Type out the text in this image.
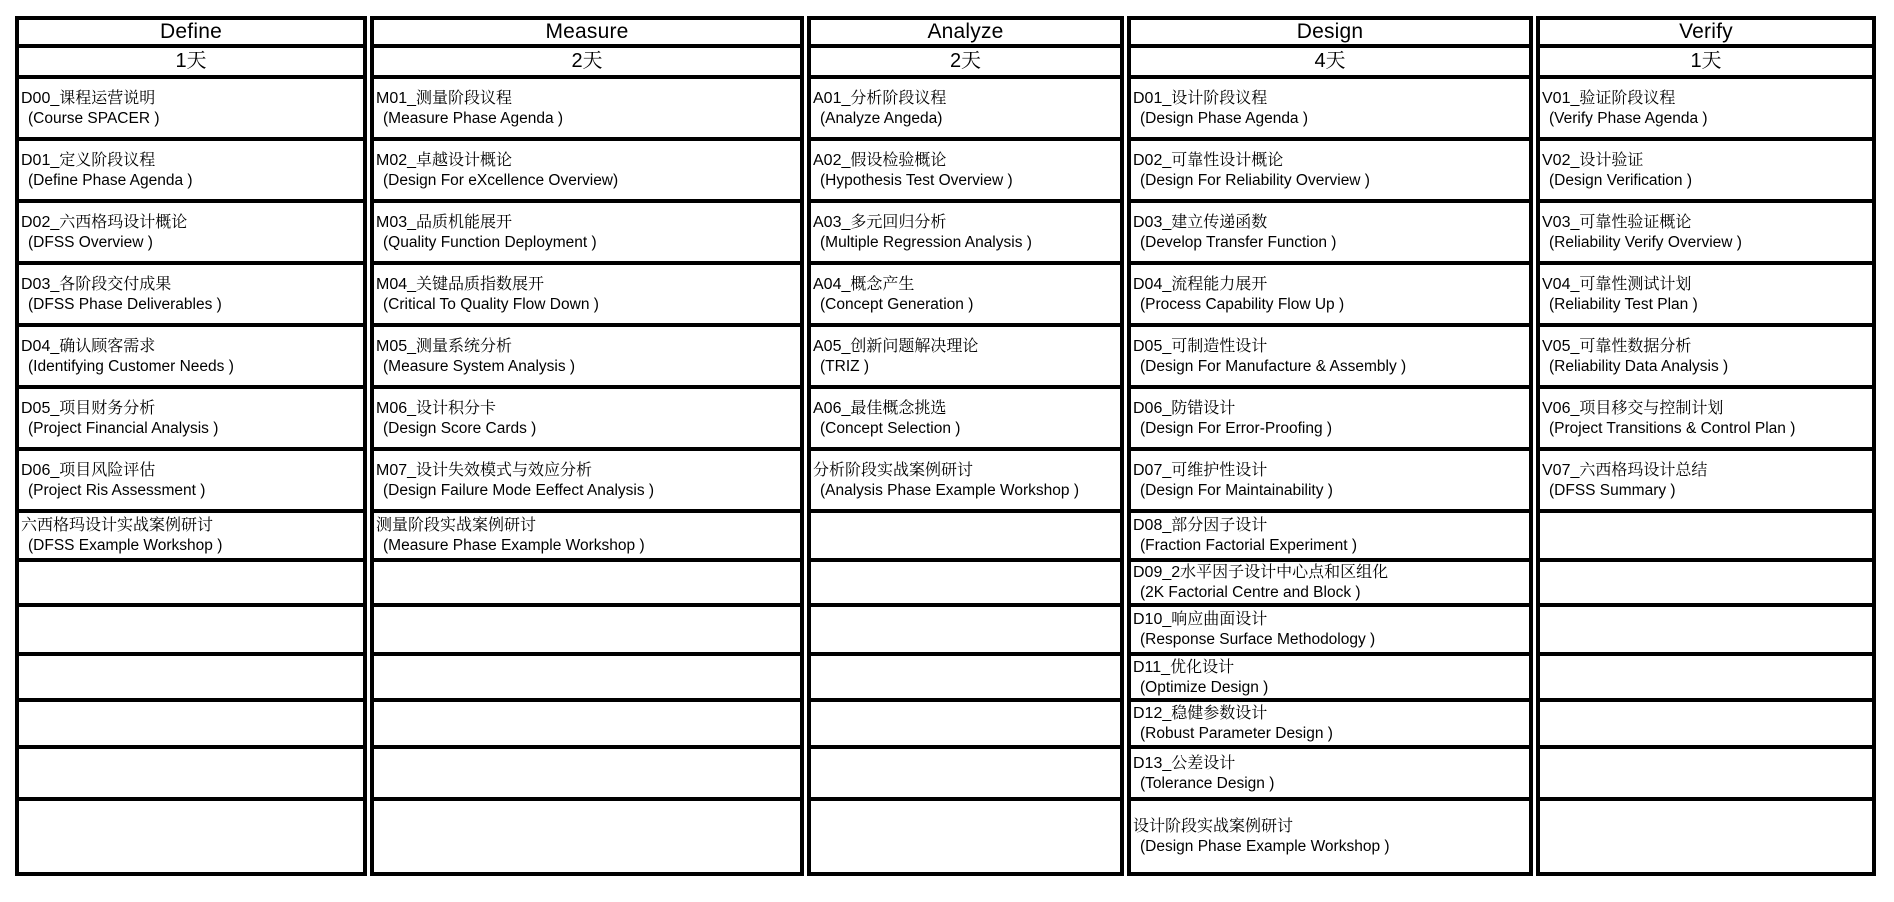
Define
1天
D00_课程运营说明
(Course SPACER )
D01_定义阶段议程
(Define Phase Agenda )
D02_六西格玛设计概论
(DFSS Overview )
D03_各阶段交付成果
(DFSS Phase Deliverables )
D04_确认顾客需求
(Identifying Customer Needs )
D05_项目财务分析
(Project Financial Analysis )
D06_项目风险评估
(Project Ris Assessment )
六西格玛设计实战案例研讨
(DFSS Example Workshop )
Measure
2天
M01_测量阶段议程
(Measure Phase Agenda )
M02_卓越设计概论
(Design For eXcellence Overview)
M03_品质机能展开
(Quality Function Deployment )
M04_关键品质指数展开
(Critical To Quality Flow Down )
M05_测量系统分析
(Measure System Analysis )
M06_设计积分卡
(Design Score Cards )
M07_设计失效模式与效应分析
(Design Failure Mode Eeffect Analysis )
测量阶段实战案例研讨
(Measure Phase Example Workshop )
Analyze
2天
A01_分析阶段议程
(Analyze Angeda)
A02_假设检验概论
(Hypothesis Test Overview )
A03_多元回归分析
(Multiple Regression Analysis )
A04_概念产生
(Concept Generation )
A05_创新问题解决理论
(TRIZ )
A06_最佳概念挑选
(Concept Selection )
分析阶段实战案例研讨
(Analysis Phase Example Workshop )
Design
4天
D01_设计阶段议程
(Design Phase Agenda )
D02_可靠性设计概论
(Design For Reliability Overview )
D03_建立传递函数
(Develop Transfer Function )
D04_流程能力展开
(Process Capability Flow Up )
D05_可制造性设计
(Design For Manufacture & Assembly )
D06_防错设计
(Design For Error-Proofing )
D07_可维护性设计
(Design For Maintainability )
D08_部分因子设计
(Fraction Factorial Experiment )
D09_2水平因子设计中心点和区组化
(2K Factorial Centre and Block )
D10_响应曲面设计
(Response Surface Methodology )
D11_优化设计
(Optimize Design )
D12_稳健参数设计
(Robust Parameter Design )
D13_公差设计
(Tolerance Design )
设计阶段实战案例研讨
(Design Phase Example Workshop )
Verify
1天
V01_验证阶段议程
(Verify Phase Agenda )
V02_设计验证
(Design Verification )
V03_可靠性验证概论
(Reliability Verify Overview )
V04_可靠性测试计划
(Reliability Test Plan )
V05_可靠性数据分析
(Reliability Data Analysis )
V06_项目移交与控制计划
(Project Transitions & Control Plan )
V07_六西格玛设计总结
(DFSS Summary )
